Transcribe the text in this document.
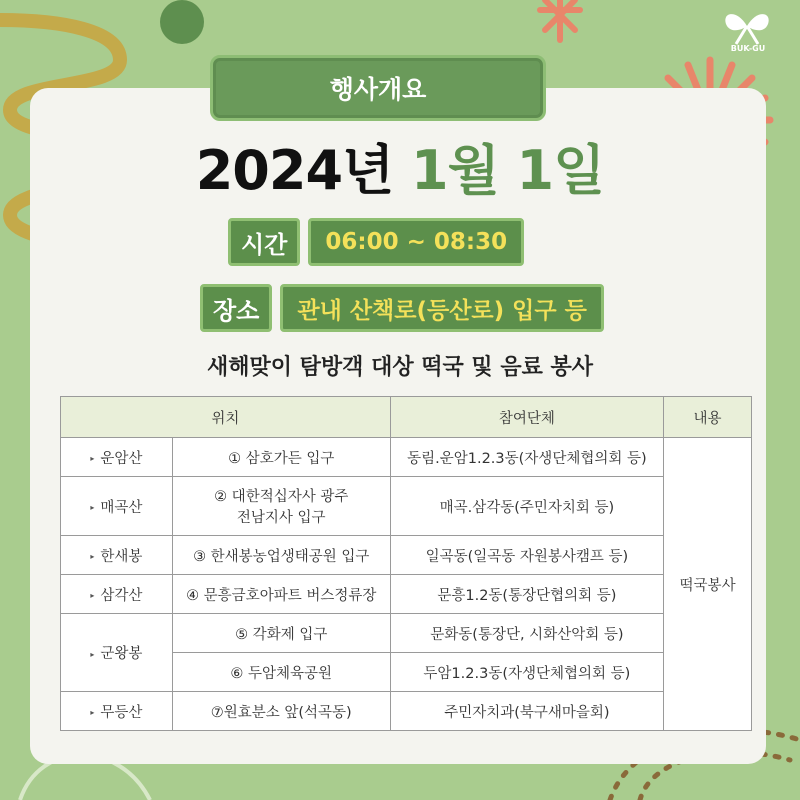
BUK-GU
행사개요
2024년 1월 1일
시간	06:00 ~ 08:30
장소	관내 산책로(등산로) 입구 등
새해맞이 탐방객 대상 떡국 및 음료 봉사
위치		참여단체	내용
▸ 운암산	① 삼호가든 입구	동림.운암1.2.3동(자생단체협의회 등)	떡국봉사
▸ 매곡산	② 대한적십자사 광주전남지사 입구	매곡.삼각동(주민자치회 등)	
▸ 한새봉	③ 한새봉농업생태공원 입구	일곡동(일곡동 자원봉사캠프 등)	
▸ 삼각산	④ 문흥금호아파트 버스정류장	문흥1.2동(통장단협의회 등)	
▸ 군왕봉	⑤ 각화제 입구	문화동(통장단, 시화산악회 등)	
	⑥ 두암체육공원	두암1.2.3동(자생단체협의회 등)	
▸ 무등산	⑦원효분소 앞(석곡동)	주민자치과(북구새마을회)	
